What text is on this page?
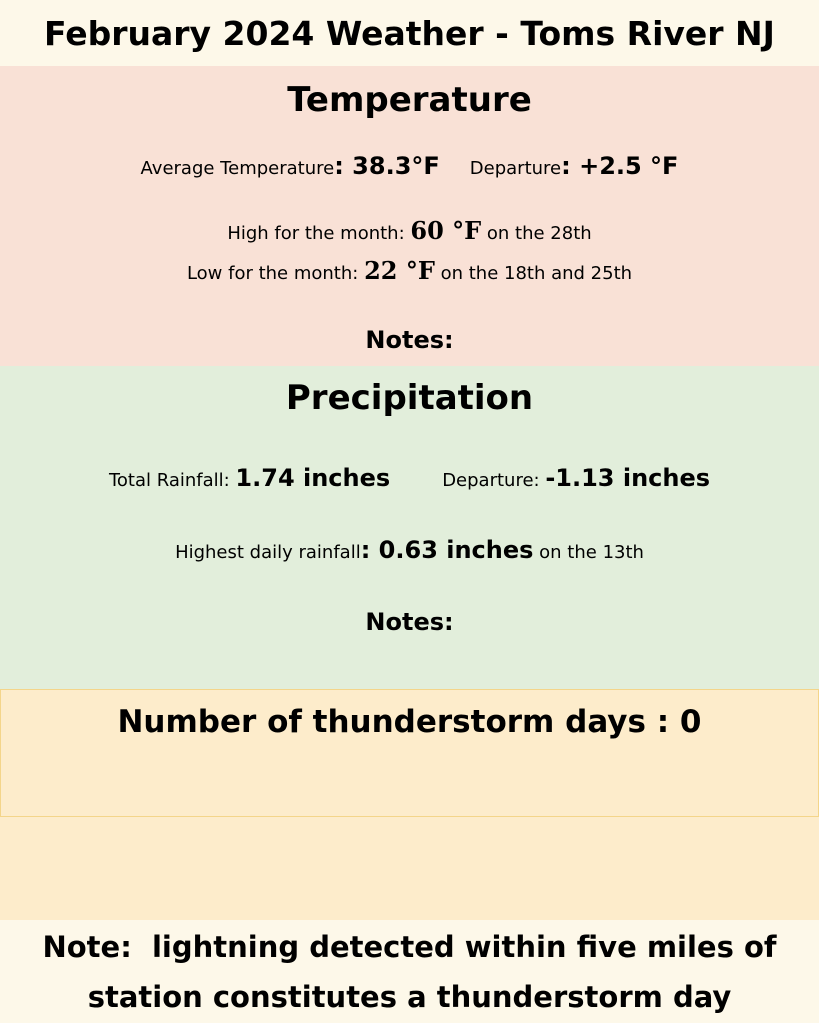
February 2024 Weather - Toms River NJ
Temperature
Average Temperature: 38.3°F Departure: +2.5 °F
High for the month: 60 °F on the 28th
Low for the month: 22 °F on the 18th and 25th
Notes:
Precipitation
Total Rainfall: 1.74 inches	Departure: -1.13 inches
Highest daily rainfall: 0.63 inches on the 13th
Notes:
Number of thunderstorm days : 0
Note:  lightning detected within five miles of
station constitutes a thunderstorm day
